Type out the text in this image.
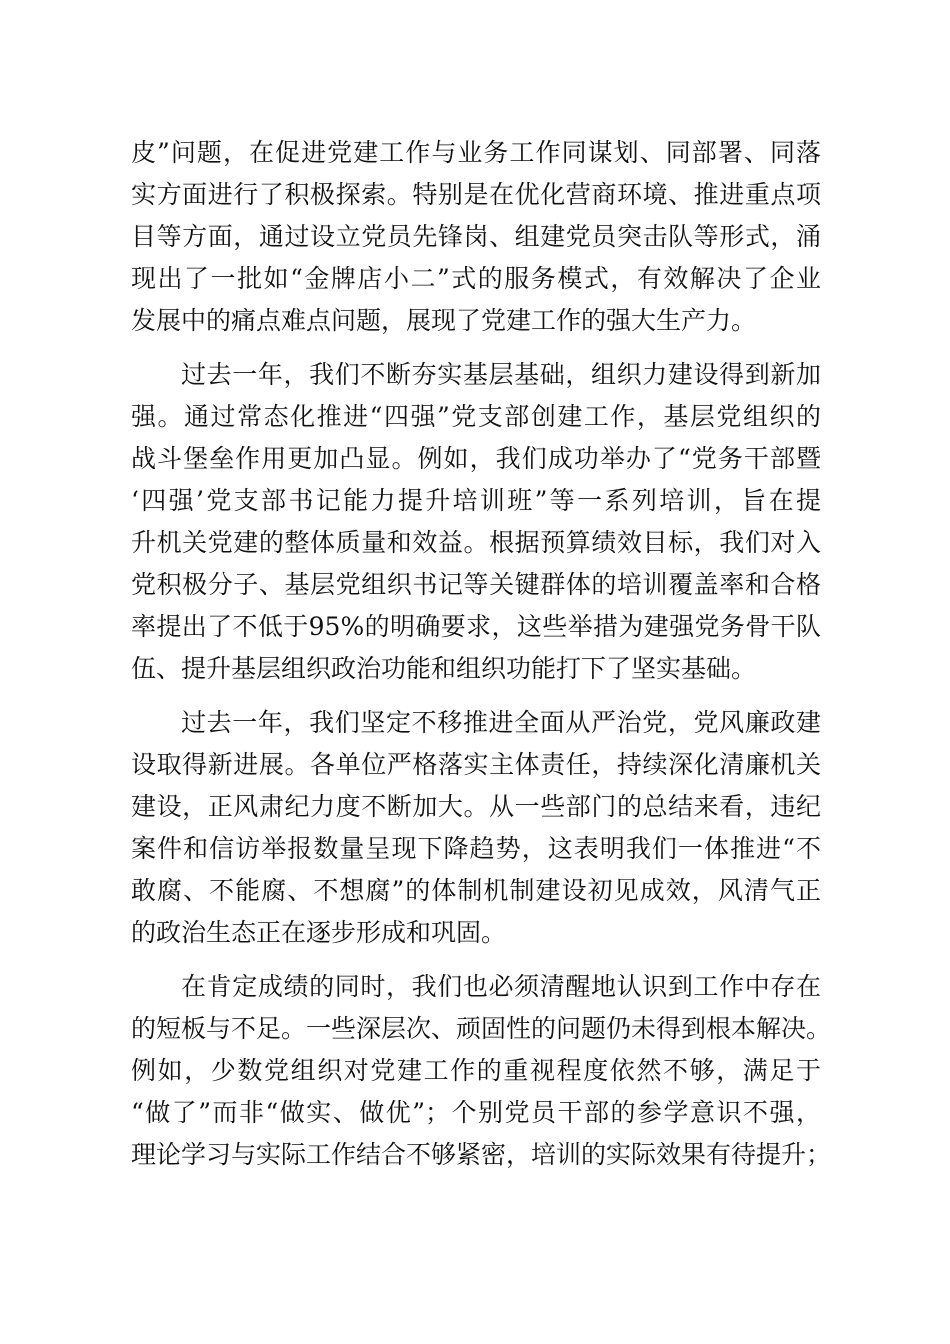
皮”问题，在促进党建工作与业务工作同谋划、同部署、同落
实方面进行了积极探索。特别是在优化营商环境、推进重点项
目等方面，通过设立党员先锋岗、组建党员突击队等形式，涌
现出了一批如“金牌店小二”式的服务模式，有效解决了企业
发展中的痛点难点问题，展现了党建工作的强大生产力。
过去一年，我们不断夯实基层基础，组织力建设得到新加
强。通过常态化推进“四强”党支部创建工作，基层党组织的
战斗堡垒作用更加凸显。例如，我们成功举办了“党务干部暨
‘四强’党支部书记能力提升培训班”等一系列培训，旨在提
升机关党建的整体质量和效益。根据预算绩效目标，我们对入
党积极分子、基层党组织书记等关键群体的培训覆盖率和合格
率提出了不低于95%的明确要求，这些举措为建强党务骨干队
伍、提升基层组织政治功能和组织功能打下了坚实基础。
过去一年，我们坚定不移推进全面从严治党，党风廉政建
设取得新进展。各单位严格落实主体责任，持续深化清廉机关
建设，正风肃纪力度不断加大。从一些部门的总结来看，违纪
案件和信访举报数量呈现下降趋势，这表明我们一体推进“不
敢腐、不能腐、不想腐”的体制机制建设初见成效，风清气正
的政治生态正在逐步形成和巩固。
在肯定成绩的同时，我们也必须清醒地认识到工作中存在
的短板与不足。一些深层次、顽固性的问题仍未得到根本解决。
例如，少数党组织对党建工作的重视程度依然不够，满足于
“做了”而非“做实、做优”；个别党员干部的参学意识不强，
理论学习与实际工作结合不够紧密，培训的实际效果有待提升；
